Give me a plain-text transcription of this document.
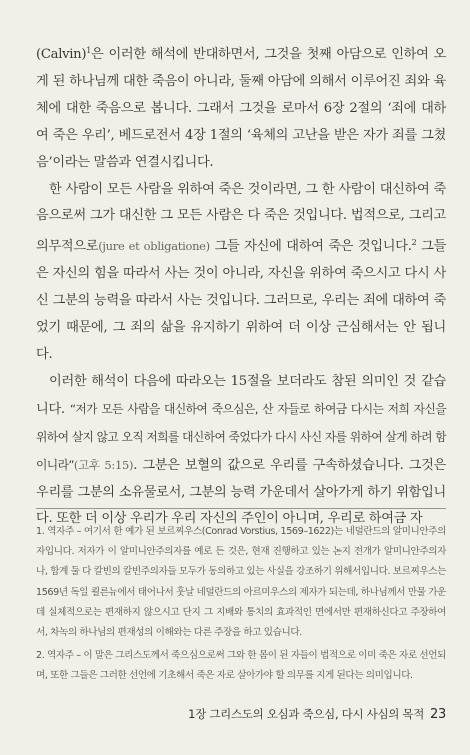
(Calvin)$^1$은 이러한 해석에 반대하면서, 그것을 첫째 아담으로 인하여 오게 된 하나님께 대한 죽음이 아니라, 둘째 아담에 의해서 이루어진 죄와 육체에 대한 죽음으로 봅니다. 그래서 그것을 로마서 6장 2절의 ‘죄에 대하여 죽은 우리’, 베드로전서 4장 1절의 ‘육체의 고난을 받은 자가 죄를 그쳤음’이라는 말씀과 연결시킵니다.

한 사람이 모든 사람을 위하여 죽은 것이라면, 그 한 사람이 대신하여 죽음으로써 그가 대신한 그 모든 사람은 다 죽은 것입니다. 법적으로, 그리고 의무적으로(jure et obligatione) 그들 자신에 대하여 죽은 것입니다.$^2$ 그들은 자신의 힘을 따라서 사는 것이 아니라, 자신을 위하여 죽으시고 다시 사신 그분의 능력을 따라서 사는 것입니다. 그러므로, 우리는 죄에 대하여 죽었기 때문에, 그 죄의 삶을 유지하기 위하여 더 이상 근심해서는 안 됩니다.

이러한 해석이 다음에 따라오는 15절을 보더라도 참된 의미인 것 같습니다. “저가 모든 사람을 대신하여 죽으심은, 산 자들로 하여금 다시는 저희 자신을 위하여 살지 않고 오직 저희를 대신하여 죽었다가 다시 사신 자를 위하여 살게 하려 함이니라”(고후 5:15). 그분은 보혈의 값으로 우리를 구속하셨습니다. 그것은 우리를 그분의 소유물로서, 그분의 능력 가운데서 살아가게 하기 위함입니다. 또한 더 이상 우리가 우리 자신의 주인이 아니며, 우리로 하여금 자

1. 역자주 – 여기서 한 예가 된 보르찌우스(Conrad Vorstius, 1569–1622)는 네덜란드의 알미니안주의자입니다. 저자가 이 알미니안주의자를 예로 든 것은, 현재 진행하고 있는 논지 전개가 알미니안주의자나, 합계 둘 다 칼빈의 칼빈주의자들 모두가 동의하고 있는 사실을 강조하기 위해서입니다. 보르찌우스는 1569년 독일 쾰른뉴에서 태어나서 훗날 네덜란드의 아르미우스의 제자가 되는데, 하나님께서 만물 가운데 실체적으로는 편재하지 않으시고 단지 그 지배와 통치의 효과적인 면에서만 편재하신다고 주장하여서, 차녹의 하나님의 편재성의 이해와는 다른 주장을 하고 있습니다.

2. 역자주 – 이 말은 그리스도께서 죽으심으로써 그와 한 몸이 된 자들이 법적으로 이미 죽은 자로 선언되며, 또한 그들은 그러한 선언에 기초해서 죽은 자로 살아가야 할 의무를 지게 된다는 의미입니다.

1장 그리스도의 오심과 죽으심, 다시 사심의 목적 23
